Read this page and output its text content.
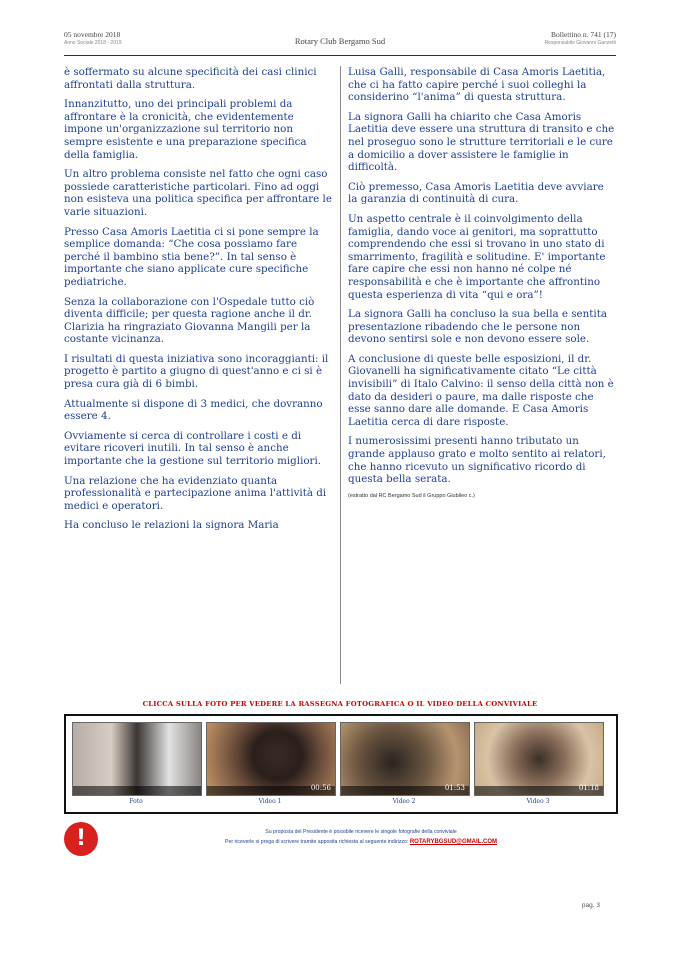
05 novembre 2018
Anno Sociale 2018 - 2019	Rotary Club Bergamo Sud
Bollettino n. 741 (17)
Responsabile Giovanni Ganzetti

è soffermato su alcune specificità dei casi clinici affrontati dalla struttura.

Innanzitutto, uno dei principali problemi da affrontare è la cronicità, che evidentemente impone un'organizzazione sul territorio non sempre esistente e una preparazione specifica della famiglia.

Un altro problema consiste nel fatto che ogni caso possiede caratteristiche particolari. Fino ad oggi non esisteva una politica specifica per affrontare le varie situazioni.

Presso Casa Amoris Laetitia ci si pone sempre la semplice domanda: “Che cosa possiamo fare perché il bambino stia bene?”. In tal senso è importante che siano applicate cure specifiche pediatriche.

Senza la collaborazione con l'Ospedale tutto ciò diventa difficile; per questa ragione anche il dr. Clarizia ha ringraziato Giovanna Mangili per la costante vicinanza.

I risultati di questa iniziativa sono incoraggianti: il progetto è partito a giugno di quest'anno e ci si è presa cura già di 6 bimbi.

Attualmente si dispone di 3 medici, che dovranno essere 4.

Ovviamente si cerca di controllare i costi e di evitare ricoveri inutili. In tal senso è anche importante che la gestione sul territorio migliori.

Una relazione che ha evidenziato quanta professionalità e partecipazione anima l'attività di medici e operatori.

Ha concluso le relazioni la signora Maria

Luisa Galli, responsabile di Casa Amoris Laetitia, che ci ha fatto capire perché i suoi colleghi la considerino “l'anima” di questa struttura.

La signora Galli ha chiarito che Casa Amoris Laetitia deve essere una struttura di transito e che nel proseguo sono le strutture territoriali e le cure a domicilio a dover assistere le famiglie in difficoltà.

Ciò premesso, Casa Amoris Laetitia deve avviare la garanzia di continuità di cura.

Un aspetto centrale è il coinvolgimento della famiglia, dando voce ai genitori, ma soprattutto comprendendo che essi si trovano in uno stato di smarrimento, fragilità e solitudine. E' importante fare capire che essi non hanno né colpe né responsabilità e che è importante che affrontino questa esperienza di vita “qui e ora”!

La signora Galli ha concluso la sua bella e sentita presentazione ribadendo che le persone non devono sentirsi sole e non devono essere sole.

A conclusione di queste belle esposizioni, il dr. Giovanelli ha significativamente citato “Le città invisibili” di Italo Calvino: il senso della città non è dato da desideri o paure, ma dalle risposte che esse sanno dare alle domande. E Casa Amoris Laetitia cerca di dare risposte.

I numerosissimi presenti hanno tributato un grande applauso grato e molto sentito ai relatori, che hanno ricevuto un significativo ricordo di questa bella serata.

(estratto dal RC Bergamo Sud il Gruppo Giubileo c.)

CLICCA SULLA FOTO PER VEDERE LA RASSEGNA FOTOGRAFICA O IL VIDEO DELLA CONVIVIALE
00:56	01:53	01:18
Foto	Video 1	Video 2	Video 3
!	Su proposta del Presidente è possibile ricevere le singole fotografie della conviviale
Per riceverle si prega di scrivere tramite apposita richiesta al seguente indirizzo: ROTARYBGSUD@GMAIL.COM
pag. 3
